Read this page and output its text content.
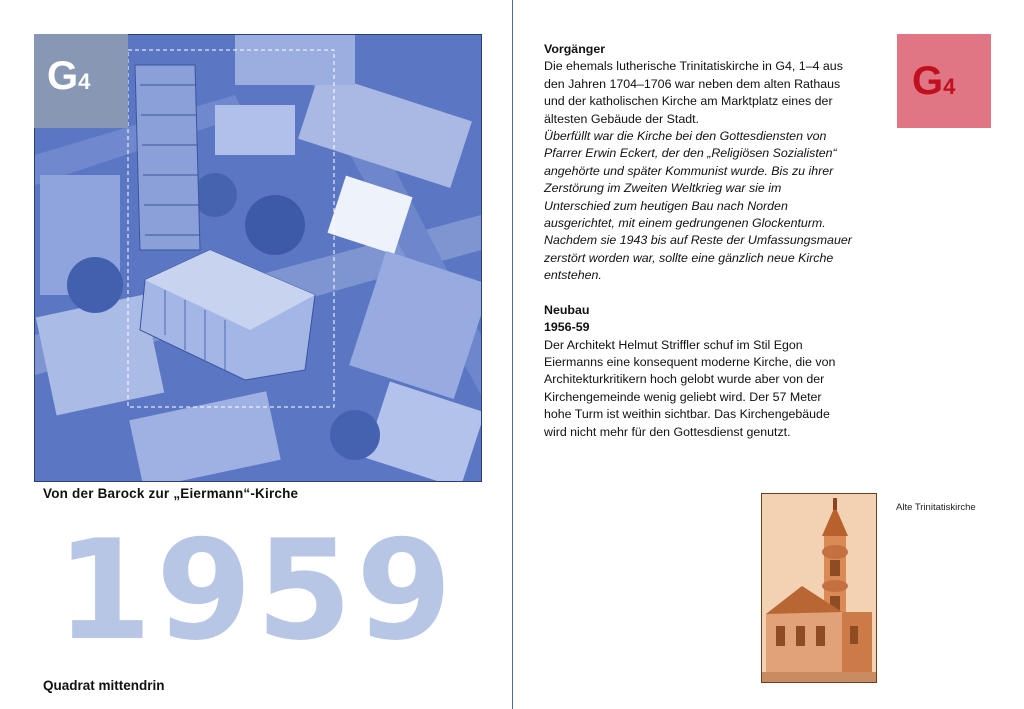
G4
Von der Barock zur „Eiermann“-Kirche
1959
Quadrat mittendrin
Vorgänger
Die ehemals lutherische Trinitatiskirche in G4, 1–4 aus
den Jahren 1704–1706 war neben dem alten Rathaus
und der katholischen Kirche am Marktplatz eines der
ältesten Gebäude der Stadt.
Überfüllt war die Kirche bei den Gottesdiensten von
Pfarrer Erwin Eckert, der den „Religiösen Sozialisten“
angehörte und später Kommunist wurde. Bis zu ihrer
Zerstörung im Zweiten Weltkrieg war sie im
Unterschied zum heutigen Bau nach Norden
ausgerichtet, mit einem gedrungenen Glockenturm.
Nachdem sie 1943 bis auf Reste der Umfassungsmauer
zerstört worden war, sollte eine gänzlich neue Kirche
entstehen.
Neubau
1956-59
Der Architekt Helmut Striffler schuf im Stil Egon
Eiermanns eine konsequent moderne Kirche, die von
Architekturkritikern hoch gelobt wurde aber von der
Kirchengemeinde wenig geliebt wird. Der 57 Meter
hohe Turm ist weithin sichtbar. Das Kirchengebäude
wird nicht mehr für den Gottesdienst genutzt.
G4
Alte Trinitatiskirche
